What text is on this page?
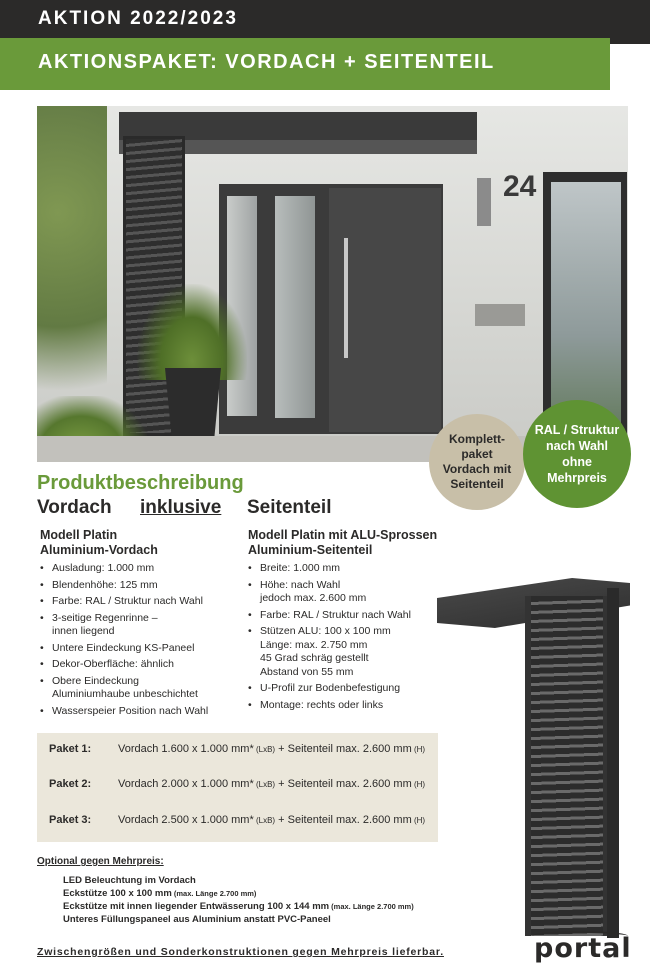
AKTION 2022/2023
AKTIONSPAKET: VORDACH + SEITENTEIL
24
Komplett-
paket
Vordach mit
Seitenteil
RAL / Struktur
nach Wahl
ohne
Mehrpreis
Produktbeschreibung
Vordach inklusive Seitenteil
Modell Platin
Aluminium-Vordach
• Ausladung: 1.000 mm
• Blendenhöhe: 125 mm
• Farbe: RAL / Struktur nach Wahl
• 3-seitige Regenrinne –
innen liegend
• Untere Eindeckung KS-Paneel
• Dekor-Oberfläche: ähnlich
• Obere Eindeckung
Aluminiumhaube unbeschichtet
• Wasserspeier Position nach Wahl
Modell Platin mit ALU-Sprossen
Aluminium-Seitenteil
• Breite: 1.000 mm
• Höhe: nach Wahl
jedoch max. 2.600 mm
• Farbe: RAL / Struktur nach Wahl
• Stützen ALU: 100 x 100 mm
Länge: max. 2.750 mm
45 Grad schräg gestellt
Abstand von 55 mm
• U-Profil zur Bodenbefestigung
• Montage: rechts oder links
Paket 1: Vordach 1.600 x 1.000 mm* (LxB) + Seitenteil max. 2.600 mm (H)
Paket 2: Vordach 2.000 x 1.000 mm* (LxB) + Seitenteil max. 2.600 mm (H)
Paket 3: Vordach 2.500 x 1.000 mm* (LxB) + Seitenteil max. 2.600 mm (H)
Optional gegen Mehrpreis:
LED Beleuchtung im Vordach
Eckstütze 100 x 100 mm (max. Länge 2.700 mm)
Eckstütze mit innen liegender Entwässerung 100 x 144 mm (max. Länge 2.700 mm)
Unteres Füllungspaneel aus Aluminium anstatt PVC-Paneel
Zwischengrößen und Sonderkonstruktionen gegen Mehrpreis lieferbar.	portal
